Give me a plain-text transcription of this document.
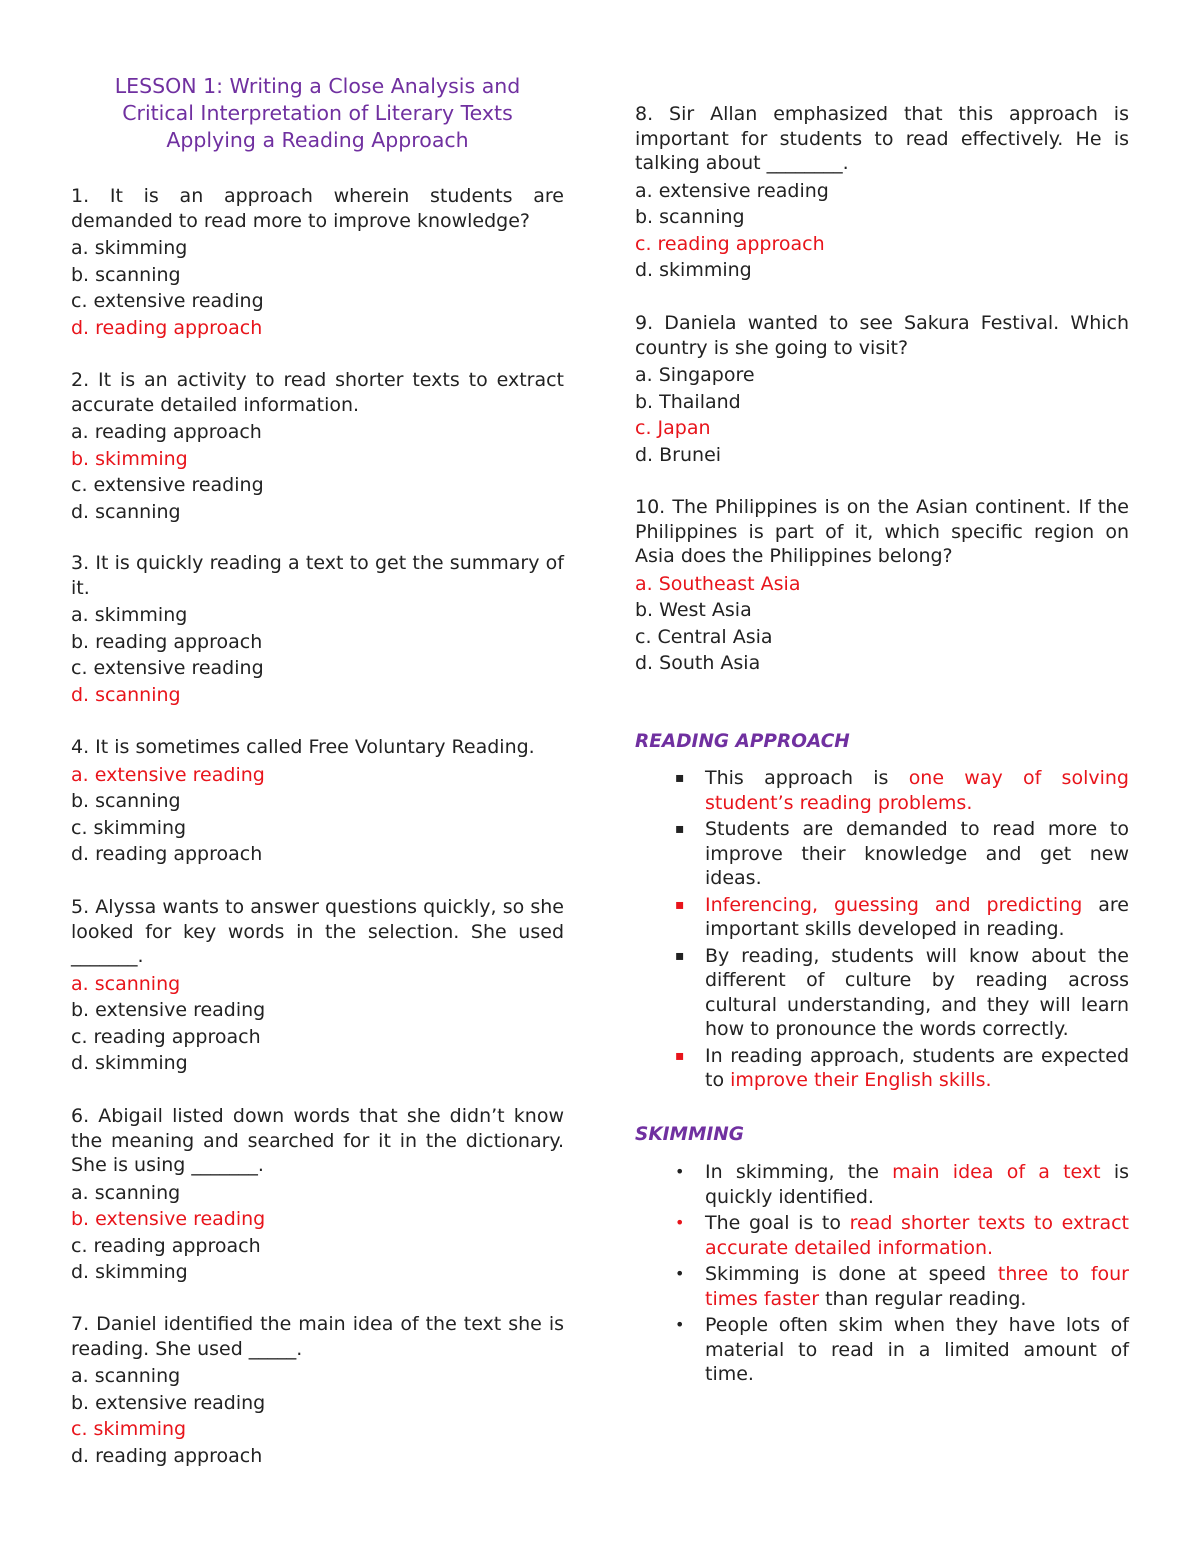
LESSON 1: Writing a Close Analysis and
Critical Interpretation of Literary Texts
Applying a Reading Approach
1. It is an approach wherein students are demanded to read more to improve knowledge?
a. skimming
b. scanning
c. extensive reading
d. reading approach
2. It is an activity to read shorter texts to extract accurate detailed information.
a. reading approach
b. skimming
c. extensive reading
d. scanning
3. It is quickly reading a text to get the summary of it.
a. skimming
b. reading approach
c. extensive reading
d. scanning
4. It is sometimes called Free Voluntary Reading.
a. extensive reading
b. scanning
c. skimming
d. reading approach
5. Alyssa wants to answer questions quickly, so she looked for key words in the selection. She used _______.
a. scanning
b. extensive reading
c. reading approach
d. skimming
6. Abigail listed down words that she didn’t know the meaning and searched for it in the dictionary. She is using _______.
a. scanning
b. extensive reading
c. reading approach
d. skimming
7. Daniel identified the main idea of the text she is reading. She used _____.
a. scanning
b. extensive reading
c. skimming
d. reading approach
8. Sir Allan emphasized that this approach is important for students to read effectively. He is talking about ________.
a. extensive reading
b. scanning
c. reading approach
d. skimming
9. Daniela wanted to see Sakura Festival. Which country is she going to visit?
a. Singapore
b. Thailand
c. Japan
d. Brunei
10. The Philippines is on the Asian continent. If the Philippines is part of it, which specific region on Asia does the Philippines belong?
a. Southeast Asia
b. West Asia
c. Central Asia
d. South Asia
READING APPROACH
▪ This approach is one way of solving student’s reading problems.
▪ Students are demanded to read more to improve their knowledge and get new ideas.
▪ Inferencing, guessing and predicting are important skills developed in reading.
▪ By reading, students will know about the different of culture by reading across cultural understanding, and they will learn how to pronounce the words correctly.
▪ In reading approach, students are expected to improve their English skills.
SKIMMING
• In skimming, the main idea of a text is quickly identified.
• The goal is to read shorter texts to extract accurate detailed information.
• Skimming is done at speed three to four times faster than regular reading.
• People often skim when they have lots of material to read in a limited amount of time.
